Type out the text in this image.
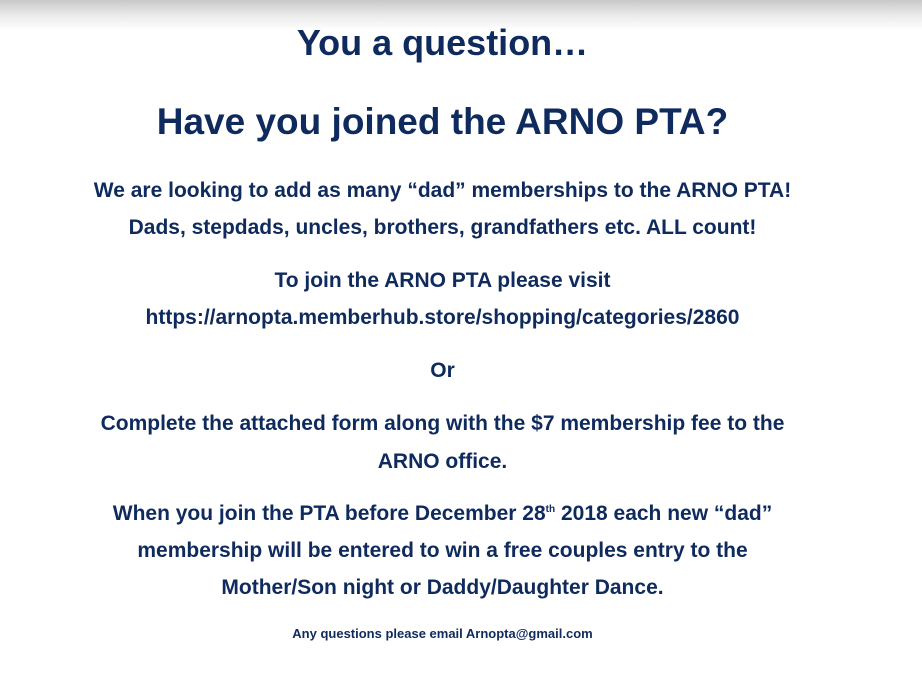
You a question…
Have you joined the ARNO PTA?
We are looking to add as many “dad” memberships to the ARNO PTA!
Dads, stepdads, uncles, brothers, grandfathers etc. ALL count!
To join the ARNO PTA please visit
https://arnopta.memberhub.store/shopping/categories/2860
Or
Complete the attached form along with the $7 membership fee to the
ARNO office.
When you join the PTA before December 28th 2018 each new “dad”
membership will be entered to win a free couples entry to the
Mother/Son night or Daddy/Daughter Dance.
Any questions please email Arnopta@gmail.com
